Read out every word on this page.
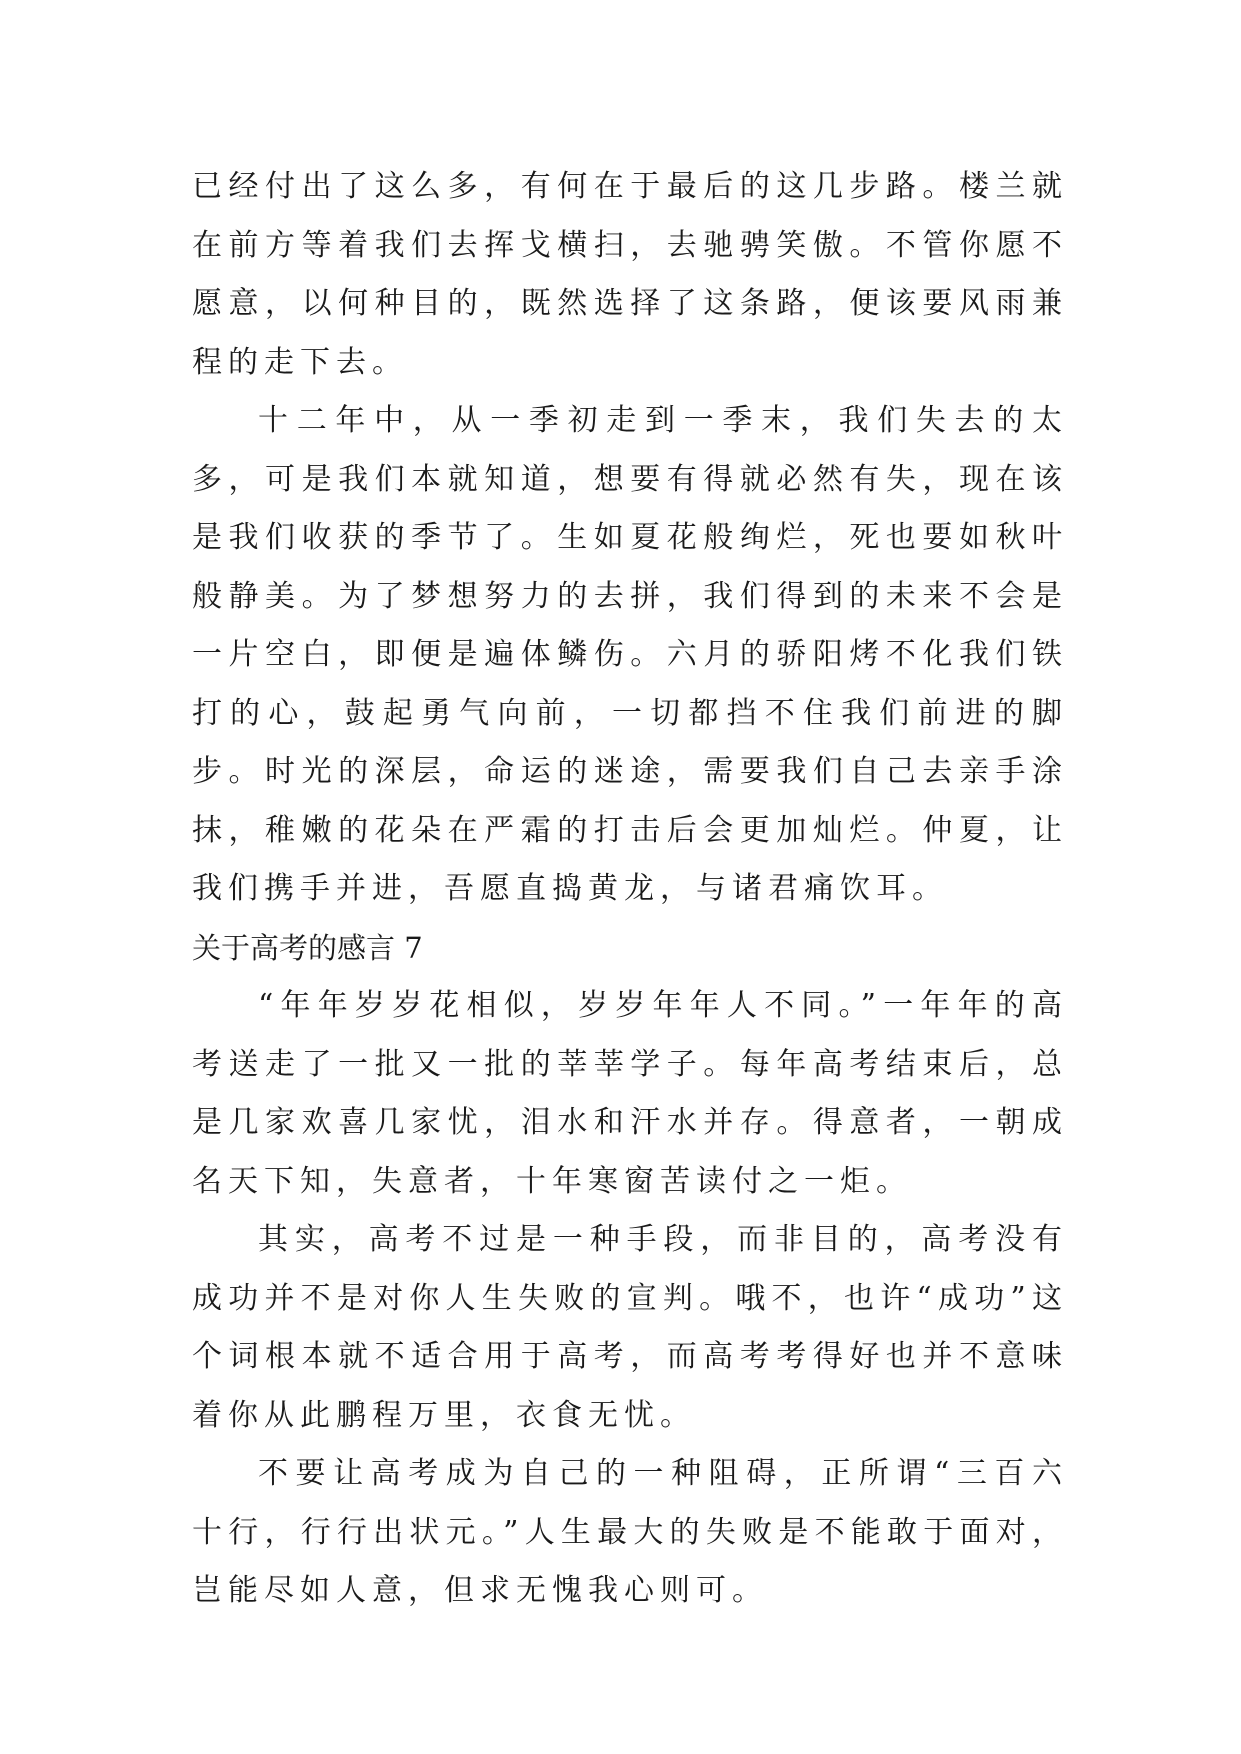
已经付出了这么多，有何在于最后的这几步路。楼兰就在前方等着我们去挥戈横扫，去驰骋笑傲。不管你愿不愿意，以何种目的，既然选择了这条路，便该要风雨兼程的走下去。

十二年中，从一季初走到一季末，我们失去的太多，可是我们本就知道，想要有得就必然有失，现在该是我们收获的季节了。生如夏花般绚烂，死也要如秋叶般静美。为了梦想努力的去拼，我们得到的未来不会是一片空白，即便是遍体鳞伤。六月的骄阳烤不化我们铁打的心，鼓起勇气向前，一切都挡不住我们前进的脚步。时光的深层，命运的迷途，需要我们自己去亲手涂抹，稚嫩的花朵在严霜的打击后会更加灿烂。仲夏，让我们携手并进，吾愿直捣黄龙，与诸君痛饮耳。

关于高考的感言 7

“年年岁岁花相似，岁岁年年人不同。”一年年的高考送走了一批又一批的莘莘学子。每年高考结束后，总是几家欢喜几家忧，泪水和汗水并存。得意者，一朝成名天下知，失意者，十年寒窗苦读付之一炬。

其实，高考不过是一种手段，而非目的，高考没有成功并不是对你人生失败的宣判。哦不，也许“成功”这个词根本就不适合用于高考，而高考考得好也并不意味着你从此鹏程万里，衣食无忧。

不要让高考成为自己的一种阻碍，正所谓“三百六十行，行行出状元。”人生最大的失败是不能敢于面对，岂能尽如人意，但求无愧我心则可。
